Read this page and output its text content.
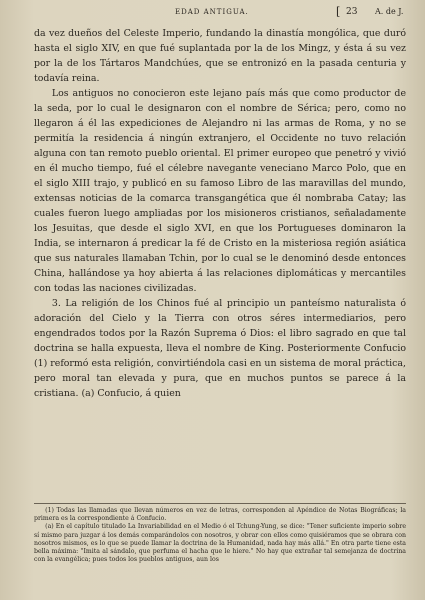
EDAD ANTIGUA.	[ 23 A. de J.

da vez dueños del Celeste Imperio, fundando la dinastía mongólica, que duró hasta el siglo XIV, en que fué suplantada por la de los Mingz, y ésta á su vez por la de los Tártaros Mandchúes, que se entronizó en la pasada centuria y todavía reina.

Los antiguos no conocieron este lejano país más que como productor de la seda, por lo cual le designaron con el nombre de Sérica; pero, como no llegaron á él las expediciones de Alejandro ni las armas de Roma, y no se permitía la residencia á ningún extranjero, el Occidente no tuvo relación alguna con tan remoto pueblo oriental. El primer europeo que penetró y vivió en él mucho tiempo, fué el célebre navegante veneciano Marco Polo, que en el siglo XIII trajo, y publicó en su famoso Libro de las maravillas del mundo, extensas noticias de la comarca transgangética que él nombraba Catay; las cuales fueron luego ampliadas por los misioneros cristianos, señaladamente los Jesuitas, que desde el siglo XVI, en que los Portugueses dominaron la India, se internaron á predicar la fé de Cristo en la misteriosa región asiática que sus naturales llamaban Tchin, por lo cual se le denominó desde entonces China, hallándose ya hoy abierta á las relaciones diplomáticas y mercantiles con todas las naciones civilizadas.

3. La religión de los Chinos fué al principio un panteísmo naturalista ó adoración del Cielo y la Tierra con otros séres intermediarios, pero engendrados todos por la Razón Suprema ó Dios: el libro sagrado en que tal doctrina se halla expuesta, lleva el nombre de King. Posteriormente Confucio (1) reformó esta religión, convirtiéndola casi en un sistema de moral práctica, pero moral tan elevada y pura, que en muchos puntos se parece á la cristiana. (a) Confucio, á quien

(1) Todas las llamadas que llevan números en vez de letras, corresponden al Apéndice de Notas Biográficas; la primera es la correspondiente á Confucio.

(a) En el capítulo titulado La Invariabilidad en el Medio ó el Tchung-Yung, se dice: "Tener suficiente imperio sobre sí mismo para juzgar á los demás comparándolos con nosotros, y obrar con ellos como quisiéramos que se obrara con nosotros mismos, es lo que se puede llamar la doctrina de la Humanidad, nada hay más allá." En otra parte tiene esta bella máxima: "Imita al sándalo, que perfuma el hacha que le hiere." No hay que extrañar tal semejanza de doctrina con la evangélica; pues todos los pueblos antiguos, aun los
